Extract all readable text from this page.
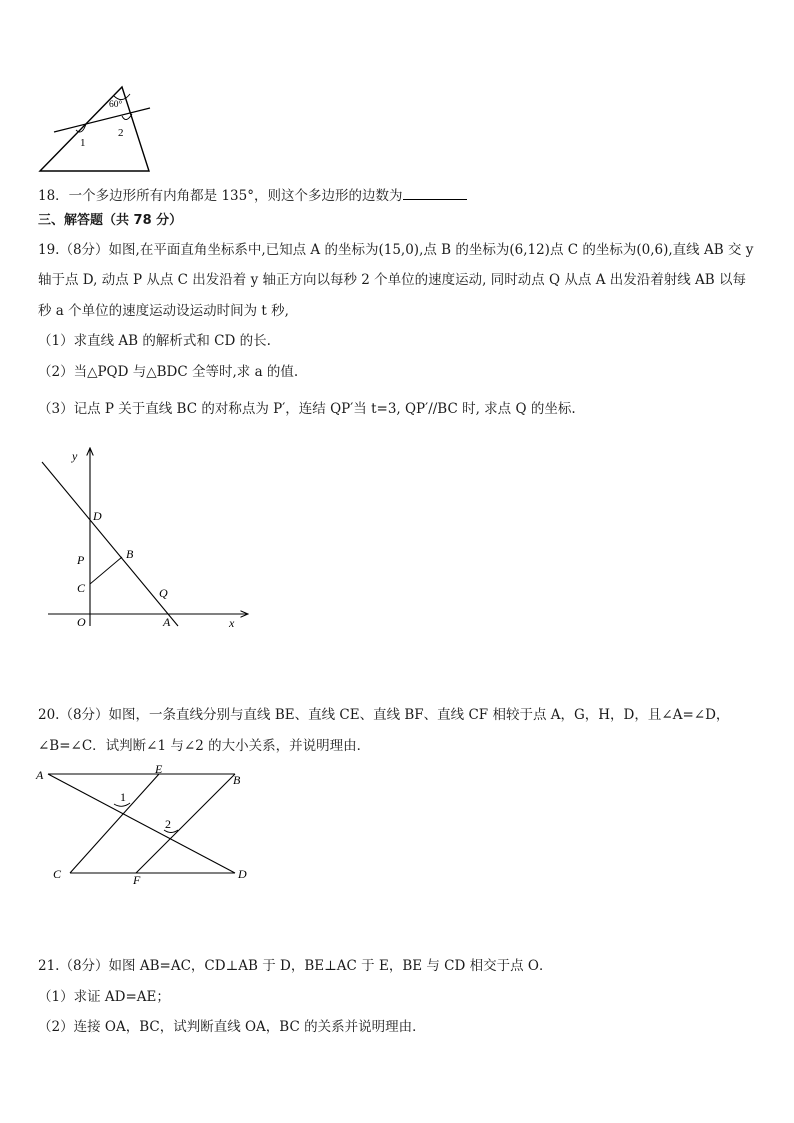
60°
1
2
18．一个多边形所有内角都是 135°，则这个多边形的边数为
三、解答题（共 78 分）
19.（8分）如图,在平面直角坐标系中,已知点 A 的坐标为(15,0),点 B 的坐标为(6,12)点 C 的坐标为(0,6),直线 AB 交 y
轴于点 D, 动点 P 从点 C 出发沿着 y 轴正方向以每秒 2 个单位的速度运动, 同时动点 Q 从点 A 出发沿着射线 AB 以每
秒 a 个单位的速度运动设运动时间为 t 秒,
（1）求直线 AB 的解析式和 CD 的长.
（2）当△PQD 与△BDC 全等时,求 a 的值.
（3）记点 P 关于直线 BC 的对称点为 P′，连结 QP′当 t=3, QP′//BC 时, 求点 Q 的坐标.
y
D
P	B
C	Q
O	A	x
20.（8分）如图，一条直线分别与直线 BE、直线 CE、直线 BF、直线 CF 相较于点 A，G，H，D，且∠A=∠D，
∠B=∠C．试判断∠1 与∠2 的大小关系，并说明理由．
A	E
B
1
2
C	F	D
21.（8分）如图 AB=AC，CD⊥AB 于 D，BE⊥AC 于 E，BE 与 CD 相交于点 O．
（1）求证 AD=AE；
（2）连接 OA，BC，试判断直线 OA，BC 的关系并说明理由．
